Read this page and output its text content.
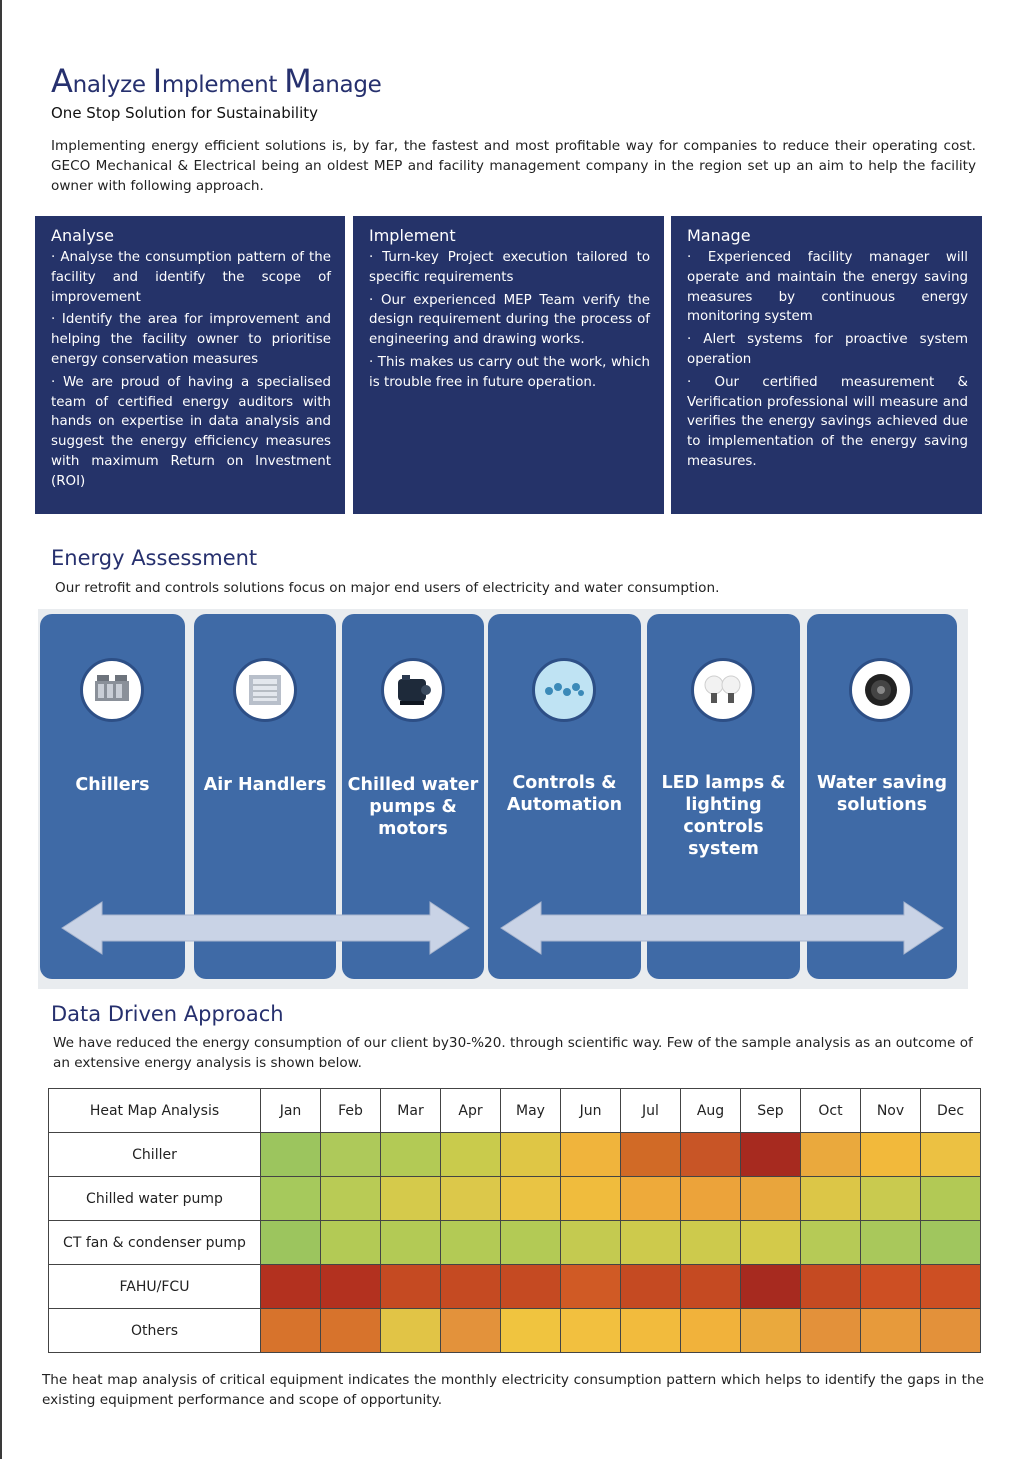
Analyze Implement Manage
One Stop Solution for Sustainability
Implementing energy efficient solutions is, by far, the fastest and most profitable way for companies to reduce their operating cost. GECO Mechanical & Electrical being an oldest MEP and facility management company in the region set up an aim to help the facility owner with following approach.
Analyse
· Analyse the consumption pattern of the facility and identify the scope of improvement
· Identify the area for improvement and helping the facility owner to prioritise energy conservation measures
· We are proud of having a specialised team of certified energy auditors with hands on expertise in data analysis and suggest the energy efficiency measures with maximum Return on Investment (ROI)
Implement
· Turn-key Project execution tailored to specific requirements
· Our experienced MEP Team verify the design requirement during the process of engineering and drawing works.
· This makes us carry out the work, which is trouble free in future operation.
Manage
· Experienced facility manager will operate and maintain the energy saving measures by continuous energy monitoring system
· Alert systems for proactive system operation
· Our certified measurement & Verification professional will measure and verifies the energy savings achieved due to implementation of the energy saving measures.
Energy Assessment
Our retrofit and controls solutions focus on major end users of electricity and water consumption.
Chillers	Air Handlers	Chilled water pumps & motors
Controls & Automation
LED lamps & lighting controls system
Water saving solutions
Data Driven Approach
We have reduced the energy consumption of our client by30-%20. through scientific way. Few of the sample analysis as an outcome of an extensive energy analysis is shown below.
Heat Map Analysis	Jan	Feb	Mar	Apr	May	Jun	Jul	Aug	Sep	Oct	Nov	Dec
Chiller												
Chilled water pump												
CT fan & condenser pump												
FAHU/FCU												
Others												
The heat map analysis of critical equipment indicates the monthly electricity consumption pattern which helps to identify the gaps in the existing equipment performance and scope of opportunity.
